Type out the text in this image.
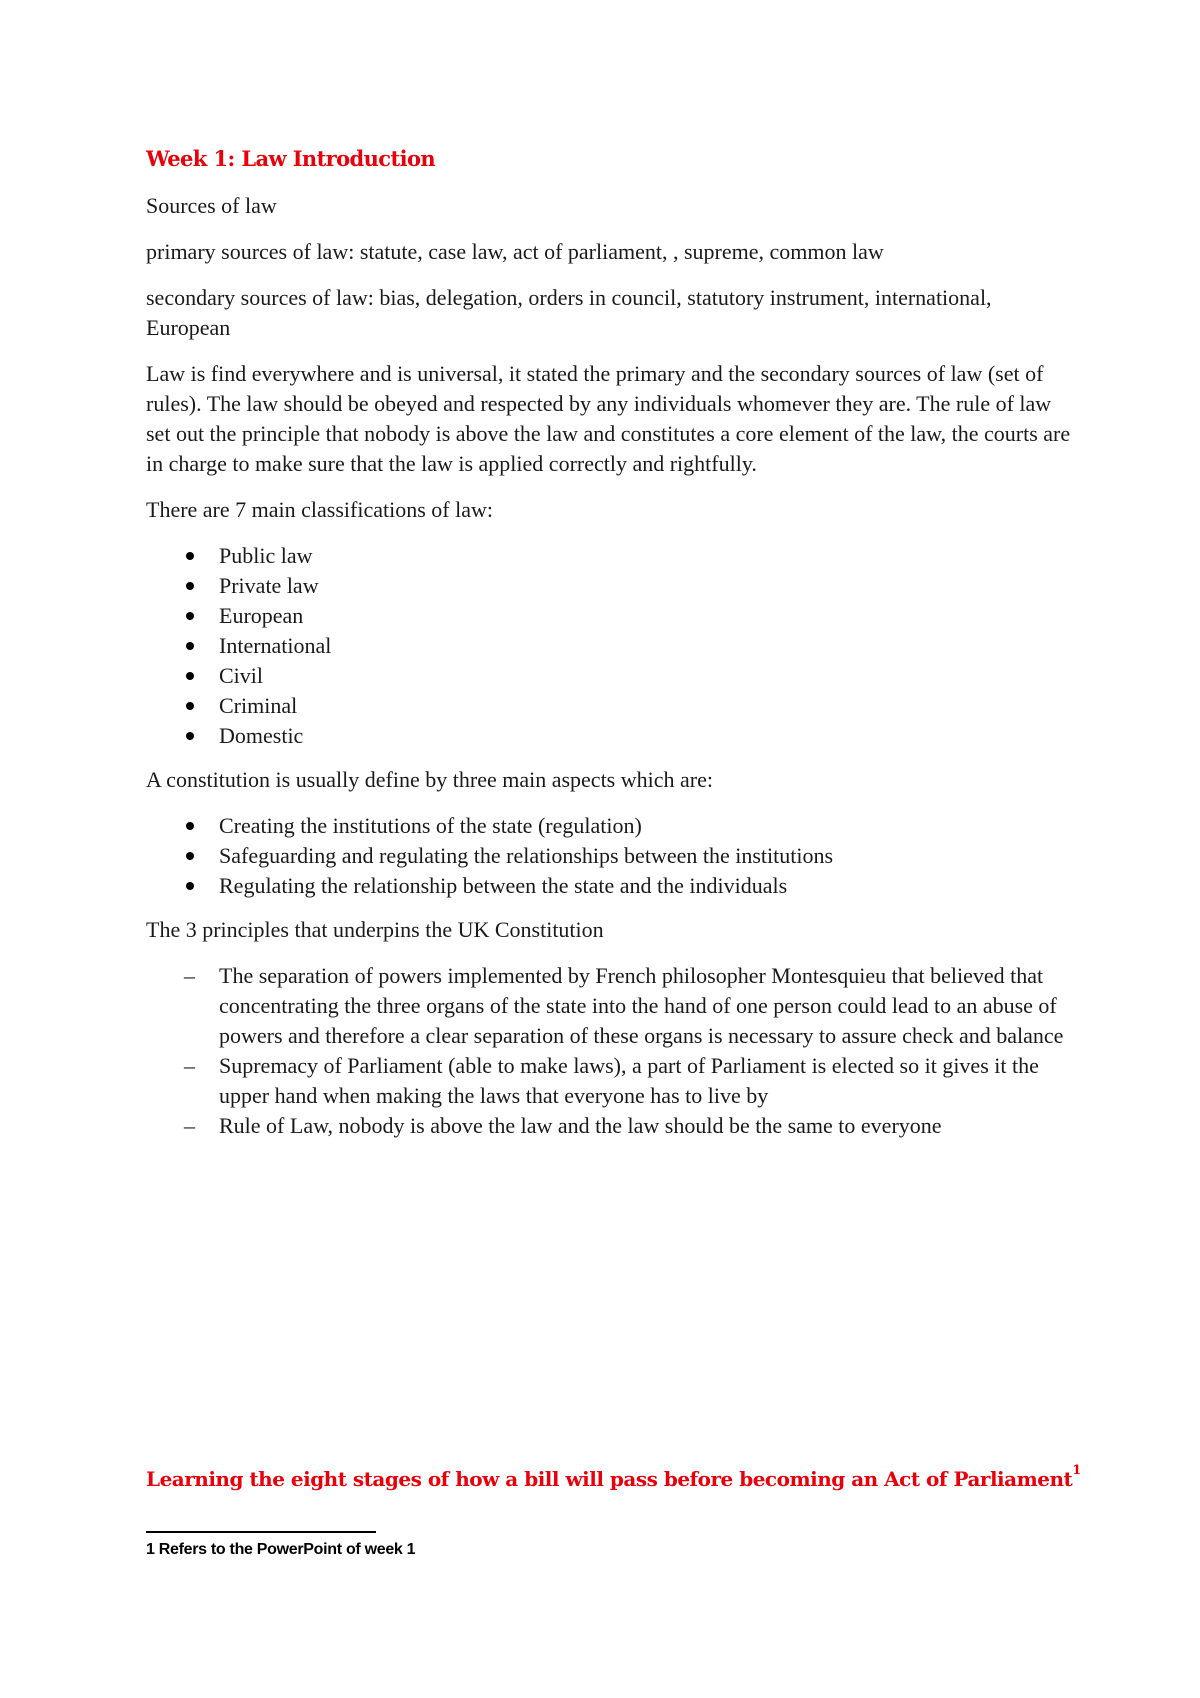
Week 1: Law Introduction

Sources of law

primary sources of law: statute, case law, act of parliament, , supreme, common law

secondary sources of law: bias, delegation, orders in council, statutory instrument, international, European

Law is find everywhere and is universal, it stated the primary and the secondary sources of law (set of rules). The law should be obeyed and respected by any individuals whomever they are. The rule of law set out the principle that nobody is above the law and constitutes a core element of the law, the courts are in charge to make sure that the law is applied correctly and rightfully.

There are 7 main classifications of law:

Public law
Private law
European
International
Civil
Criminal
Domestic

A constitution is usually define by three main aspects which are:

Creating the institutions of the state (regulation)
Safeguarding and regulating the relationships between the institutions
Regulating the relationship between the state and the individuals

The 3 principles that underpins the UK Constitution

– The separation of powers implemented by French philosopher Montesquieu that believed that concentrating the three organs of the state into the hand of one person could lead to an abuse of powers and therefore a clear separation of these organs is necessary to assure check and balance
– Supremacy of Parliament (able to make laws), a part of Parliament is elected so it gives it the upper hand when making the laws that everyone has to live by
– Rule of Law, nobody is above the law and the law should be the same to everyone
Learning the eight stages of how a bill will pass before becoming an Act of Parliament$^1$
1 Refers to the PowerPoint of week 1
